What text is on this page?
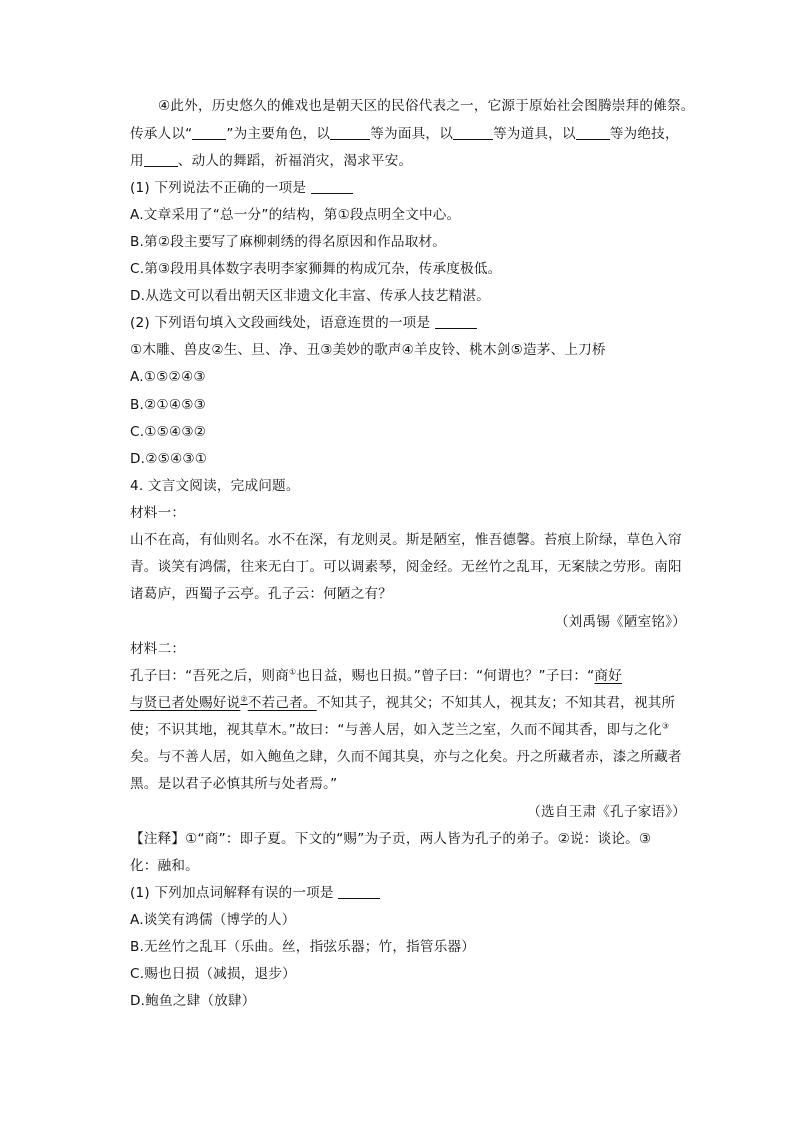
④此外，历史悠久的傩戏也是朝天区的民俗代表之一，它源于原始社会图腾崇拜的傩祭。
传承人以“	”为主要角色，以	等为面具，以	等为道具，以	等为绝技，
用	、动人的舞蹈，祈福消灾，渴求平安。
(1) 下列说法不正确的一项是
A.文章采用了“总一分”的结构，第①段点明全文中心。
B.第②段主要写了麻柳刺绣的得名原因和作品取材。
C.第③段用具体数字表明李家狮舞的构成冗杂，传承度极低。
D.从选文可以看出朝天区非遗文化丰富、传承人技艺精湛。
(2) 下列语句填入文段画线处，语意连贯的一项是
①木雕、兽皮②生、旦、净、丑③美妙的歌声④羊皮铃、桃木剑⑤造茅、上刀桥
A.①⑤②④③
B.②①④⑤③
C.①⑤④③②
D.②⑤④③①
4. 文言文阅读，完成问题。
材料一：
山不在高，有仙则名。水不在深，有龙则灵。斯是陋室，惟吾德馨。苔痕上阶绿，草色入帘
青。谈笑有鸿儒，往来无白丁。可以调素琴，阅金经。无丝竹之乱耳，无案牍之劳形。南阳
诸葛庐，西蜀子云亭。孔子云：何陋之有？
（刘禹锡《陋室铭》）
材料二：
孔子曰：“吾死之后，则商①也日益，赐也日损。”曾子曰：“何谓也？”子曰：“商好
与贤已者处赐好说②不若己者。不知其子，视其父；不知其人，视其友；不知其君，视其所
使；不识其地，视其草木。”故曰：“与善人居，如入芝兰之室，久而不闻其香，即与之化③
矣。与不善人居，如入鲍鱼之肆，久而不闻其臭，亦与之化矣。丹之所藏者赤，漆之所藏者
黑。是以君子必慎其所与处者焉。”
（选自王肃《孔子家语》）
【注释】①“商”：即子夏。下文的“赐”为子贡，两人皆为孔子的弟子。②说：谈论。③
化：融和。
(1) 下列加点词解释有误的一项是
A.谈笑有鸿儒（博学的人）
B.无丝竹之乱耳（乐曲。丝，指弦乐器；竹，指管乐器）
C.赐也日损（减损，退步）
D.鲍鱼之肆（放肆）
